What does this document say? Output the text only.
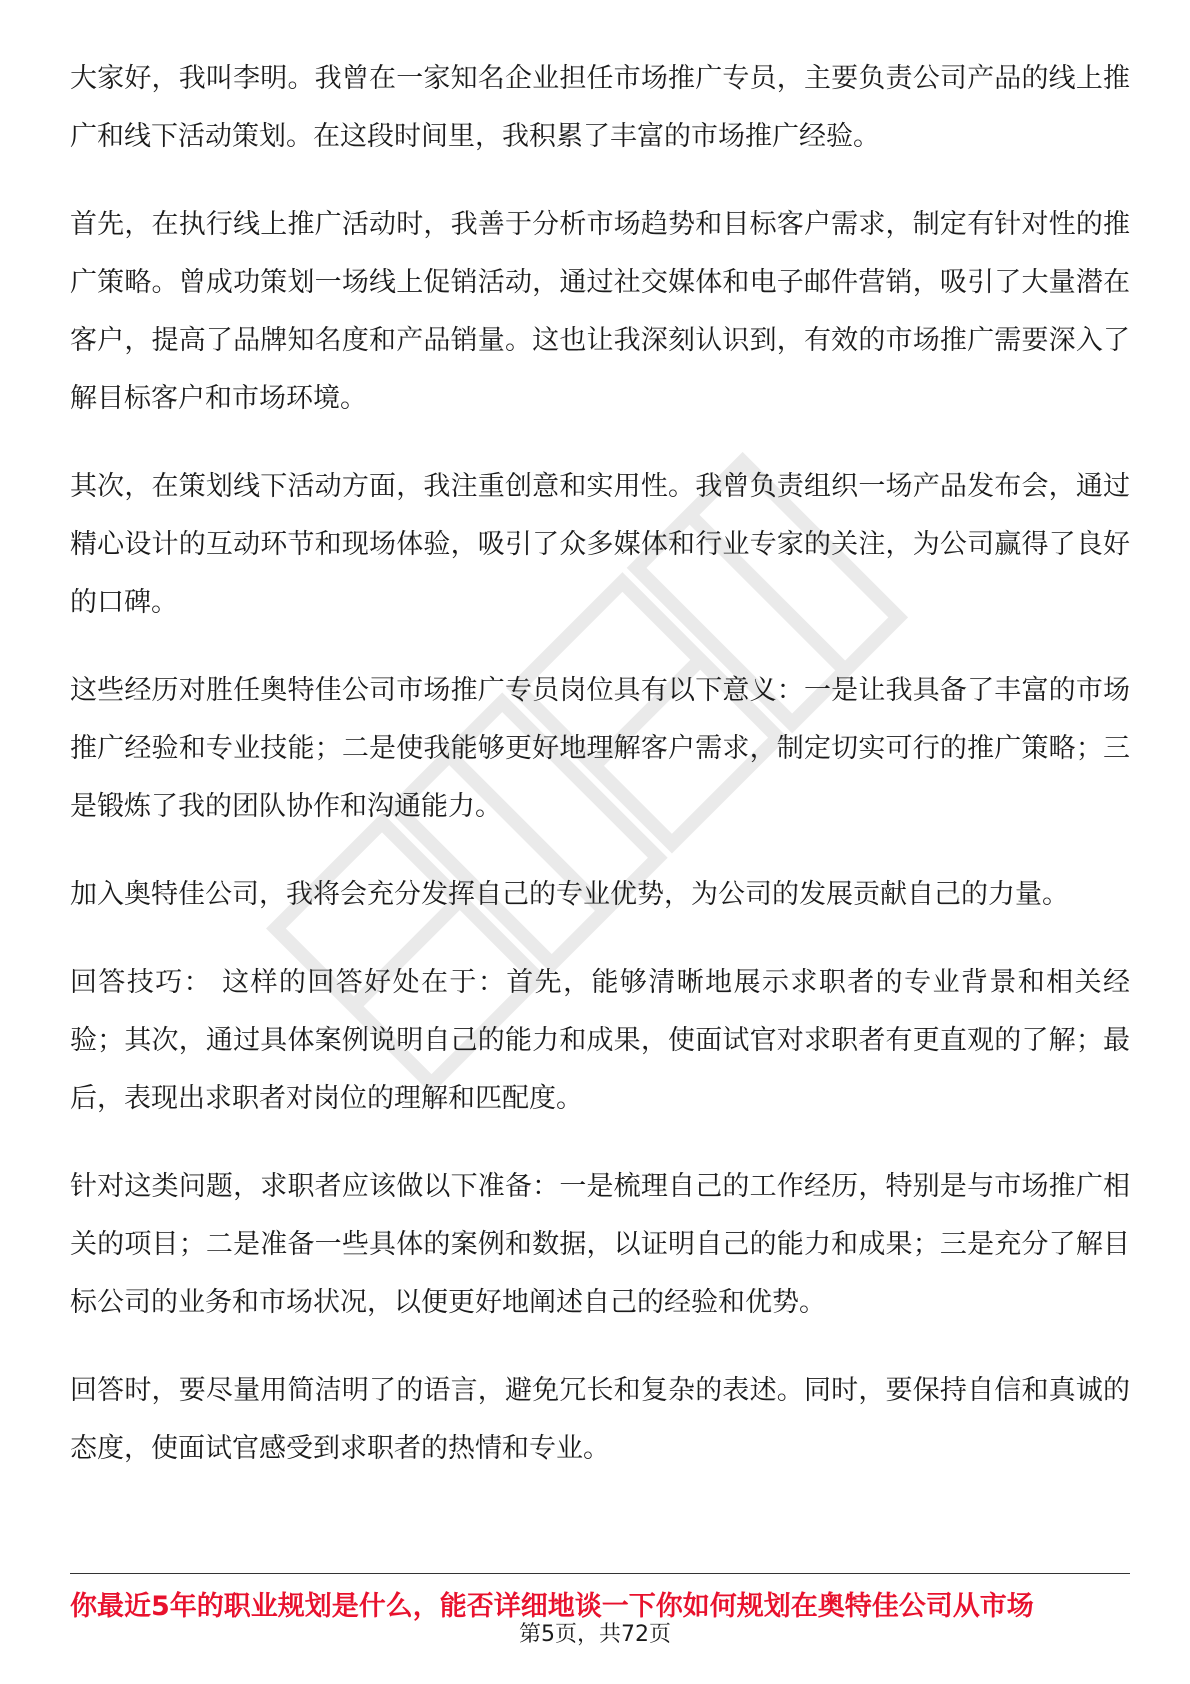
大家好，我叫李明。我曾在一家知名企业担任市场推广专员，主要负责公司产品的线上推广和线下活动策划。在这段时间里，我积累了丰富的市场推广经验。

首先，在执行线上推广活动时，我善于分析市场趋势和目标客户需求，制定有针对性的推广策略。曾成功策划一场线上促销活动，通过社交媒体和电子邮件营销，吸引了大量潜在客户，提高了品牌知名度和产品销量。这也让我深刻认识到，有效的市场推广需要深入了解目标客户和市场环境。

其次，在策划线下活动方面，我注重创意和实用性。我曾负责组织一场产品发布会，通过精心设计的互动环节和现场体验，吸引了众多媒体和行业专家的关注，为公司赢得了良好的口碑。

这些经历对胜任奥特佳公司市场推广专员岗位具有以下意义：一是让我具备了丰富的市场推广经验和专业技能；二是使我能够更好地理解客户需求，制定切实可行的推广策略；三是锻炼了我的团队协作和沟通能力。

加入奥特佳公司，我将会充分发挥自己的专业优势，为公司的发展贡献自己的力量。

回答技巧： 这样的回答好处在于：首先，能够清晰地展示求职者的专业背景和相关经验；其次，通过具体案例说明自己的能力和成果，使面试官对求职者有更直观的了解；最后，表现出求职者对岗位的理解和匹配度。

针对这类问题，求职者应该做以下准备：一是梳理自己的工作经历，特别是与市场推广相关的项目；二是准备一些具体的案例和数据，以证明自己的能力和成果；三是充分了解目标公司的业务和市场状况，以便更好地阐述自己的经验和优势。

回答时，要尽量用简洁明了的语言，避免冗长和复杂的表述。同时，要保持自信和真诚的态度，使面试官感受到求职者的热情和专业。

你最近5年的职业规划是什么，能否详细地谈一下你如何规划在奥特佳公司从市场
第5页，共72页
